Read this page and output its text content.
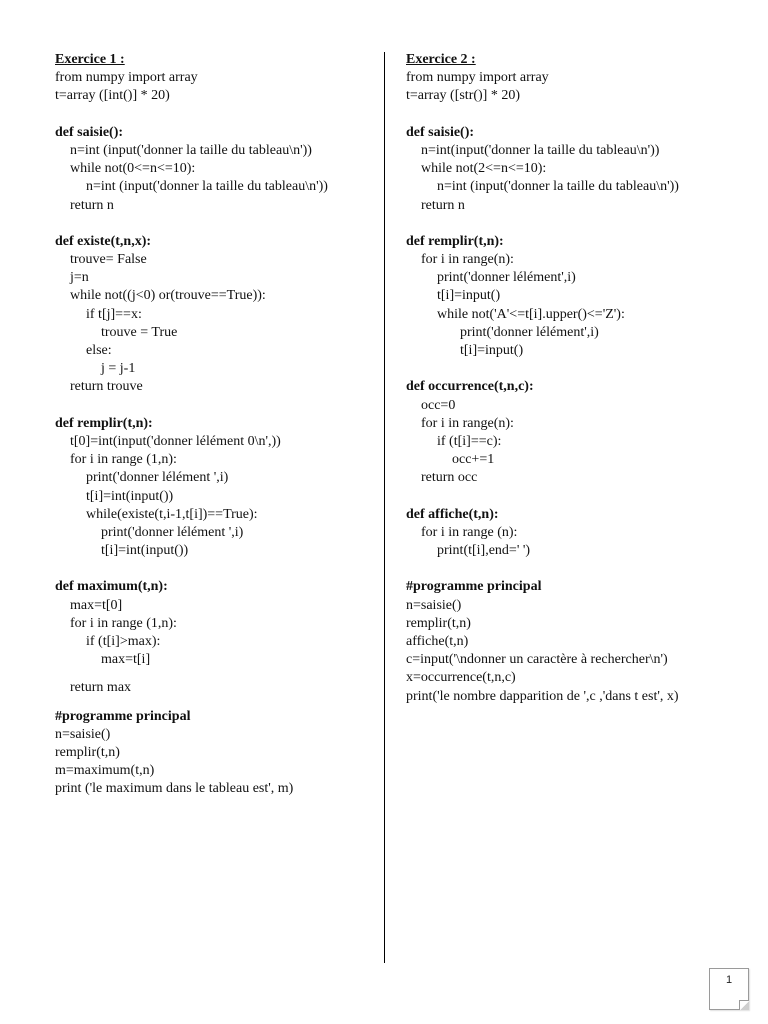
Exercice 1 :
from numpy import array
t=array ([int()] * 20)
def saisie():
n=int (input('donner la taille du tableau\n'))
while not(0<=n<=10):
n=int (input('donner la taille du tableau\n'))
return n
def existe(t,n,x):
trouve= False
j=n
while not((j<0) or(trouve==True)):
if t[j]==x:
trouve = True
else:
j = j-1
return trouve
def remplir(t,n):
t[0]=int(input('donner lélément 0\n',))
for i in range (1,n):
print('donner lélément ',i)
t[i]=int(input())
while(existe(t,i-1,t[i])==True):
print('donner lélément ',i)
t[i]=int(input())
def maximum(t,n):
max=t[0]
for i in range (1,n):
if (t[i]>max):
max=t[i]
return max
#programme principal
n=saisie()
remplir(t,n)
m=maximum(t,n)
print ('le maximum dans le tableau est', m)
Exercice 2 :
from numpy import array
t=array ([str()] * 20)
def saisie():
n=int(input('donner la taille du tableau\n'))
while not(2<=n<=10):
n=int (input('donner la taille du tableau\n'))
return n
def remplir(t,n):
for i in range(n):
print('donner lélément',i)
t[i]=input()
while not('A'<=t[i].upper()<='Z'):
print('donner lélément',i)
t[i]=input()
def occurrence(t,n,c):
occ=0
for i in range(n):
if (t[i]==c):
occ+=1
return occ
def affiche(t,n):
for i in range (n):
print(t[i],end=' ')
#programme principal
n=saisie()
remplir(t,n)
affiche(t,n)
c=input('\ndonner un caractère à rechercher\n')
x=occurrence(t,n,c)
print('le nombre dapparition de ',c ,'dans t est', x)
1
